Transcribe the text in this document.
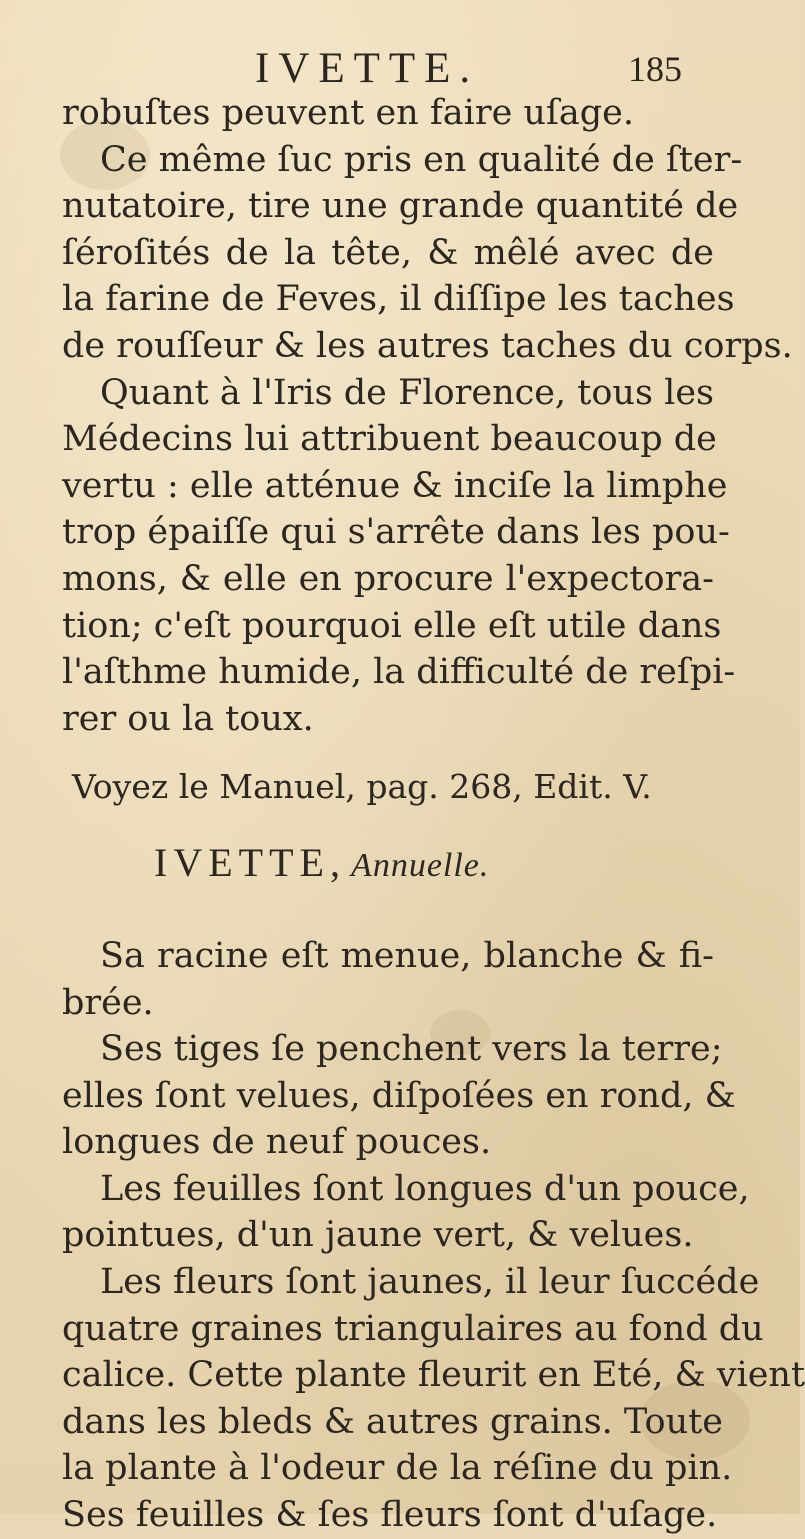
IVETTE.	185
robuſtes peuvent en faire uſage.
Ce même ſuc pris en qualité de ſter-
nutatoire, tire une grande quantité de
ſéroſités de la tête, & mêlé avec de
la farine de Feves, il diſſipe les taches
de rouſſeur & les autres taches du corps.
Quant à l'Iris de Florence, tous les
Médecins lui attribuent beaucoup de
vertu : elle atténue & inciſe la limphe
trop épaiſſe qui s'arrête dans les pou-
mons, & elle en procure l'expectora-
tion; c'eſt pourquoi elle eſt utile dans
l'aſthme humide, la difficulté de reſpi-
rer ou la toux.
Voyez le Manuel, pag. 268, Edit. V.
IVETTE, Annuelle.
Sa racine eſt menue, blanche & fi-
brée.
Ses tiges ſe penchent vers la terre;
elles ſont velues, diſpoſées en rond, &
longues de neuf pouces.
Les feuilles ſont longues d'un pouce,
pointues, d'un jaune vert, & velues.
Les fleurs ſont jaunes, il leur ſuccéde
quatre graines triangulaires au fond du
calice. Cette plante fleurit en Eté, & vient
dans les bleds & autres grains. Toute
la plante à l'odeur de la réſine du pin.
Ses feuilles & ſes fleurs ſont d'uſage.
